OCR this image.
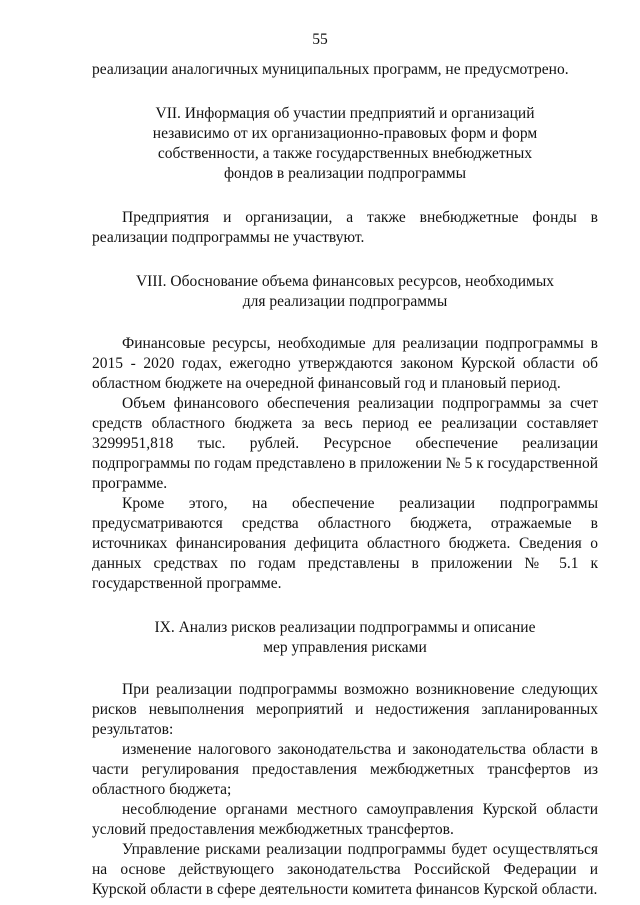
55

реализации аналогичных муниципальных программ, не предусмотрено.

VII. Информация об участии предприятий и организаций
независимо от их организационно-правовых форм и форм
собственности, а также государственных внебюджетных
фондов в реализации подпрограммы

Предприятия и организации, а также внебюджетные фонды в реализации подпрограммы не участвуют.

VIII. Обоснование объема финансовых ресурсов, необходимых
для реализации подпрограммы

Финансовые ресурсы, необходимые для реализации подпрограммы в 2015 - 2020 годах, ежегодно утверждаются законом Курской области об областном бюджете на очередной финансовый год и плановый период.

Объем финансового обеспечения реализации подпрограммы за счет средств областного бюджета за весь период ее реализации составляет 3299951,818 тыс. рублей. Ресурсное обеспечение реализации подпрограммы по годам представлено в приложении № 5 к государственной программе.

Кроме этого, на обеспечение реализации подпрограммы предусматриваются средства областного бюджета, отражаемые в источниках финансирования дефицита областного бюджета. Сведения о данных средствах по годам представлены в приложении № 5.1 к государственной программе.

IX. Анализ рисков реализации подпрограммы и описание
мер управления рисками

При реализации подпрограммы возможно возникновение следующих рисков невыполнения мероприятий и недостижения запланированных результатов:

изменение налогового законодательства и законодательства области в части регулирования предоставления межбюджетных трансфертов из областного бюджета;

несоблюдение органами местного самоуправления Курской области условий предоставления межбюджетных трансфертов.

Управление рисками реализации подпрограммы будет осуществляться на основе действующего законодательства Российской Федерации и Курской области в сфере деятельности комитета финансов Курской области.
